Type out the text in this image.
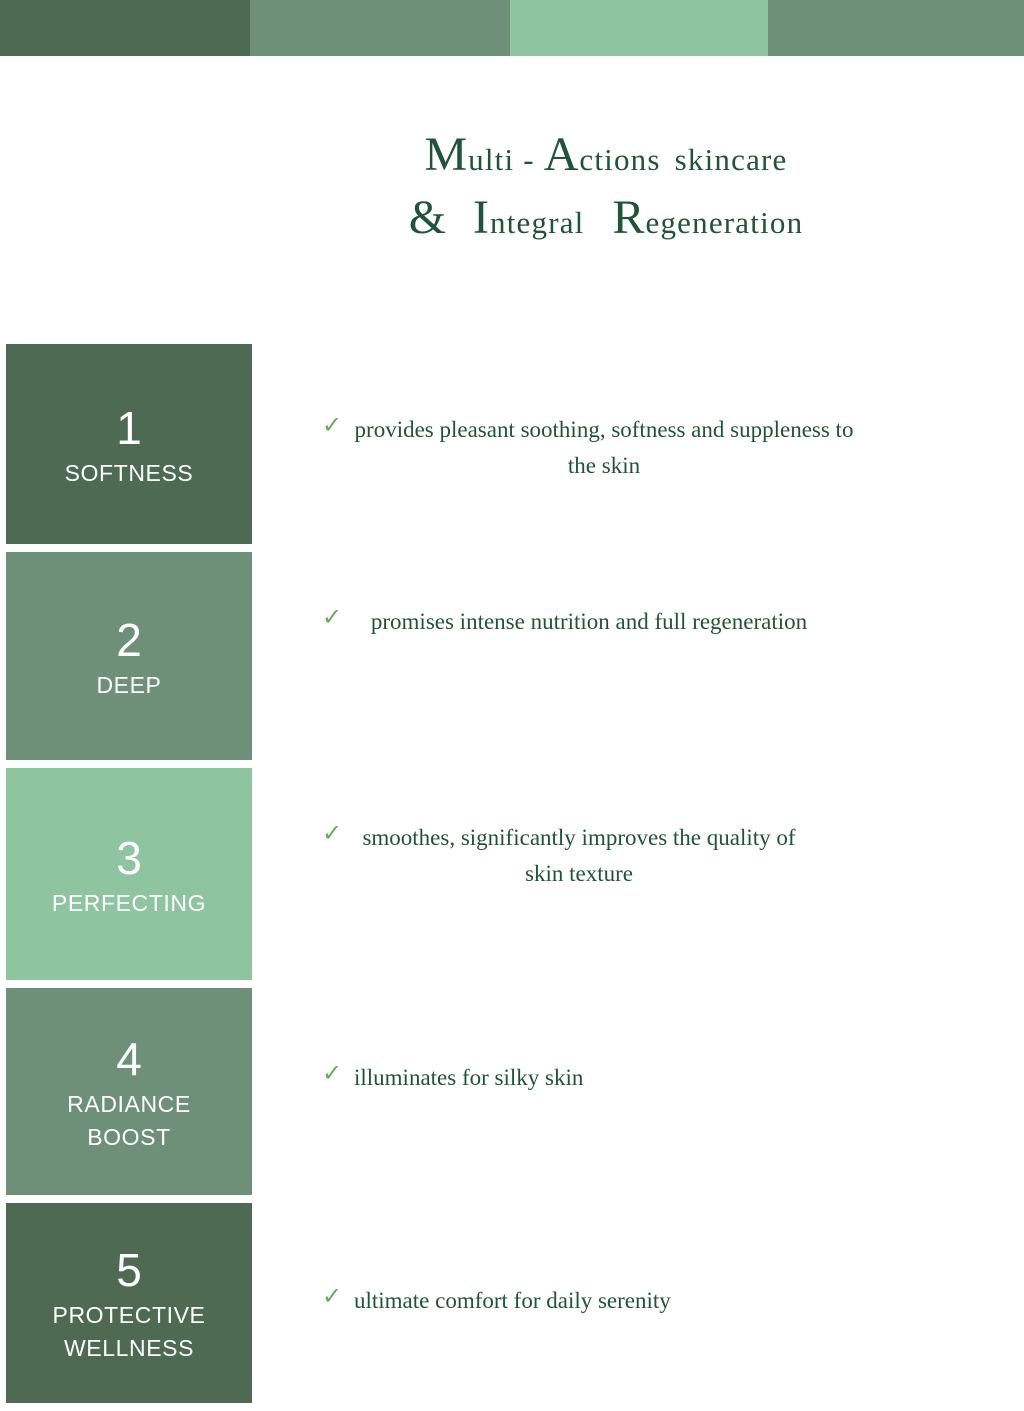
Multi - Actions skincare
& Integral Regeneration
1
SOFTNESS
2
DEEP
3
PERFECTING
4
RADIANCE
BOOST
5
PROTECTIVE
WELLNESS
✓ provides pleasant soothing, softness and suppleness to the skin
✓	promises intense nutrition and full regeneration
✓ smoothes, significantly improves the quality of skin texture
✓ illuminates for silky skin
✓ ultimate comfort for daily serenity
